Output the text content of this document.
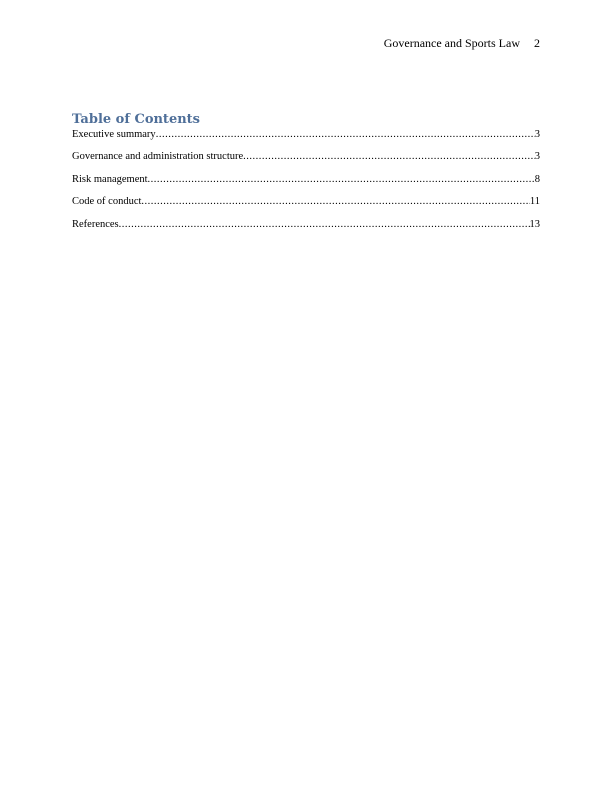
Governance and Sports Law 2
Table of Contents
Executive summary .....	3
Governance and administration structure .....	3
Risk management .....	8
Code of conduct .....	11
References .....	13
